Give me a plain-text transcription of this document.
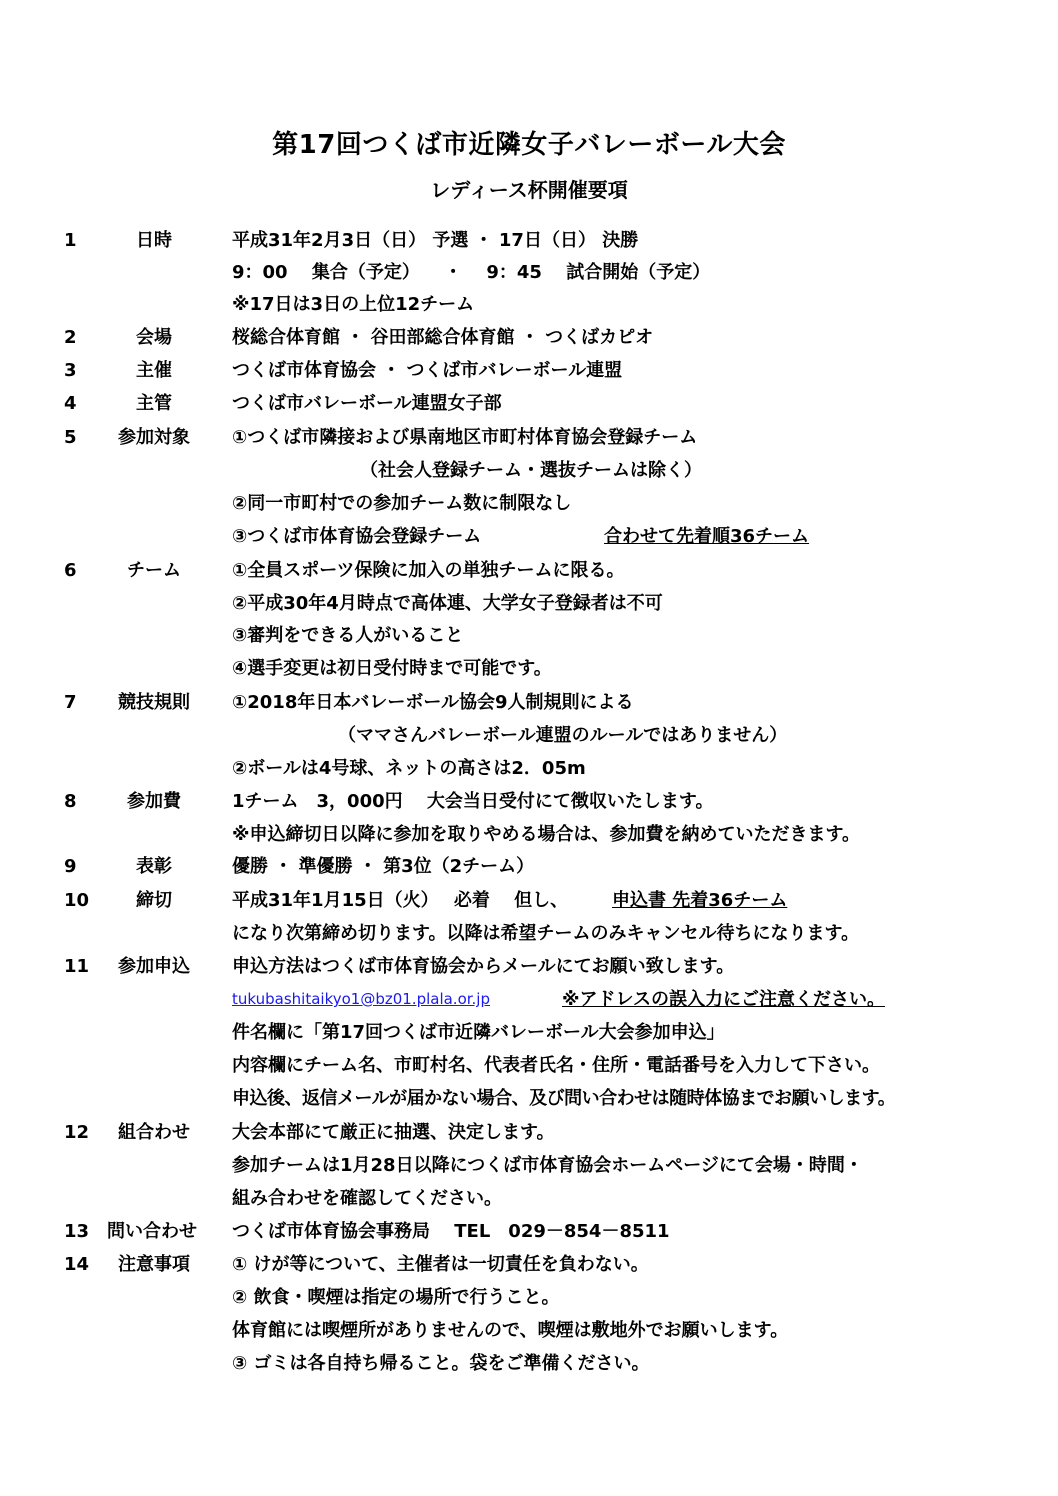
第17回つくば市近隣女子バレーボール大会
レディース杯開催要項
1	日時	平成31年2月3日（日） 予選 ・ 17日（日） 決勝
9：00　 集合（予定） 　・　 9：45　 試合開始（予定）
※17日は3日の上位12チーム
2	会場	桜総合体育館 ・ 谷田部総合体育館 ・ つくばカピオ
3	主催	つくば市体育協会 ・ つくば市バレーボール連盟
4	主管	つくば市バレーボール連盟女子部
5	参加対象	①つくば市隣接および県南地区市町村体育協会登録チーム
（社会人登録チーム・選抜チームは除く）
②同一市町村での参加チーム数に制限なし
③つくば市体育協会登録チーム	合わせて先着順36チーム
6	チーム	①全員スポーツ保険に加入の単独チームに限る。
②平成30年4月時点で高体連、大学女子登録者は不可
③審判をできる人がいること
④選手変更は初日受付時まで可能です。
7	競技規則	①2018年日本バレーボール協会9人制規則による
（ママさんバレーボール連盟のルールではありません）
②ボールは4号球、ネットの高さは2．05m
8	参加費	1チーム　3，000円　 大会当日受付にて徴収いたします。
※申込締切日以降に参加を取りやめる場合は、参加費を納めていただきます。
9	表彰	優勝 ・ 準優勝 ・ 第3位（2チーム）
10	締切	平成31年1月15日（火）　 必着　 但し、 申込書 先着36チーム
になり次第締め切ります。以降は希望チームのみキャンセル待ちになります。
11	参加申込	申込方法はつくば市体育協会からメールにてお願い致します。
tukubashitaikyo1@bz01.plala.or.jp	※アドレスの誤入力にご注意ください。
件名欄に「第17回つくば市近隣バレーボール大会参加申込」
内容欄にチーム名、市町村名、代表者氏名・住所・電話番号を入力して下さい。
申込後、返信メールが届かない場合、及び問い合わせは随時体協までお願いします。
12	組合わせ	大会本部にて厳正に抽選、決定します。
参加チームは1月28日以降につくば市体育協会ホームページにて会場・時間・
組み合わせを確認してください。
13 問い合わせ	つくば市体育協会事務局　 TEL　029－854－8511
14	注意事項	① けが等について、主催者は一切責任を負わない。
② 飲食・喫煙は指定の場所で行うこと。
体育館には喫煙所がありませんので、喫煙は敷地外でお願いします。
③ ゴミは各自持ち帰ること。袋をご準備ください。
